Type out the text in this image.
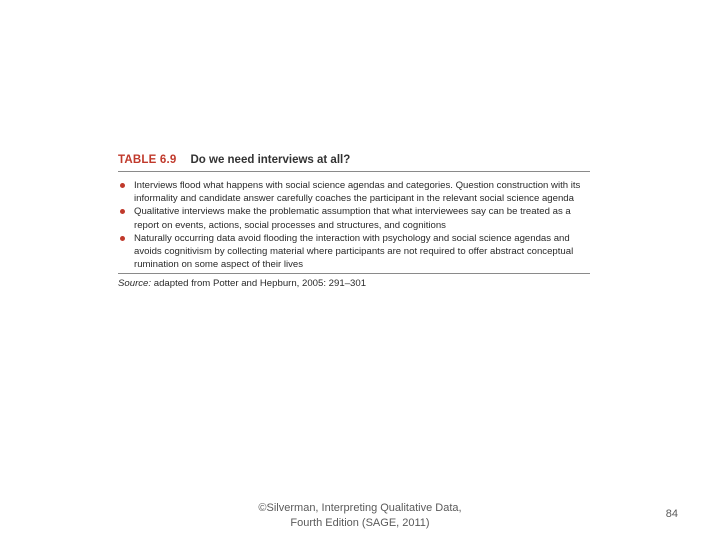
TABLE 6.9 Do we need interviews at all?
Interviews flood what happens with social science agendas and categories. Question construction with its informality and candidate answer carefully coaches the participant in the relevant social science agenda
Qualitative interviews make the problematic assumption that what interviewees say can be treated as a report on events, actions, social processes and structures, and cognitions
Naturally occurring data avoid flooding the interaction with psychology and social science agendas and avoids cognitivism by collecting material where participants are not required to offer abstract conceptual rumination on some aspect of their lives
Source: adapted from Potter and Hepburn, 2005: 291–301
©Silverman, Interpreting Qualitative Data,
Fourth Edition (SAGE, 2011)
84
